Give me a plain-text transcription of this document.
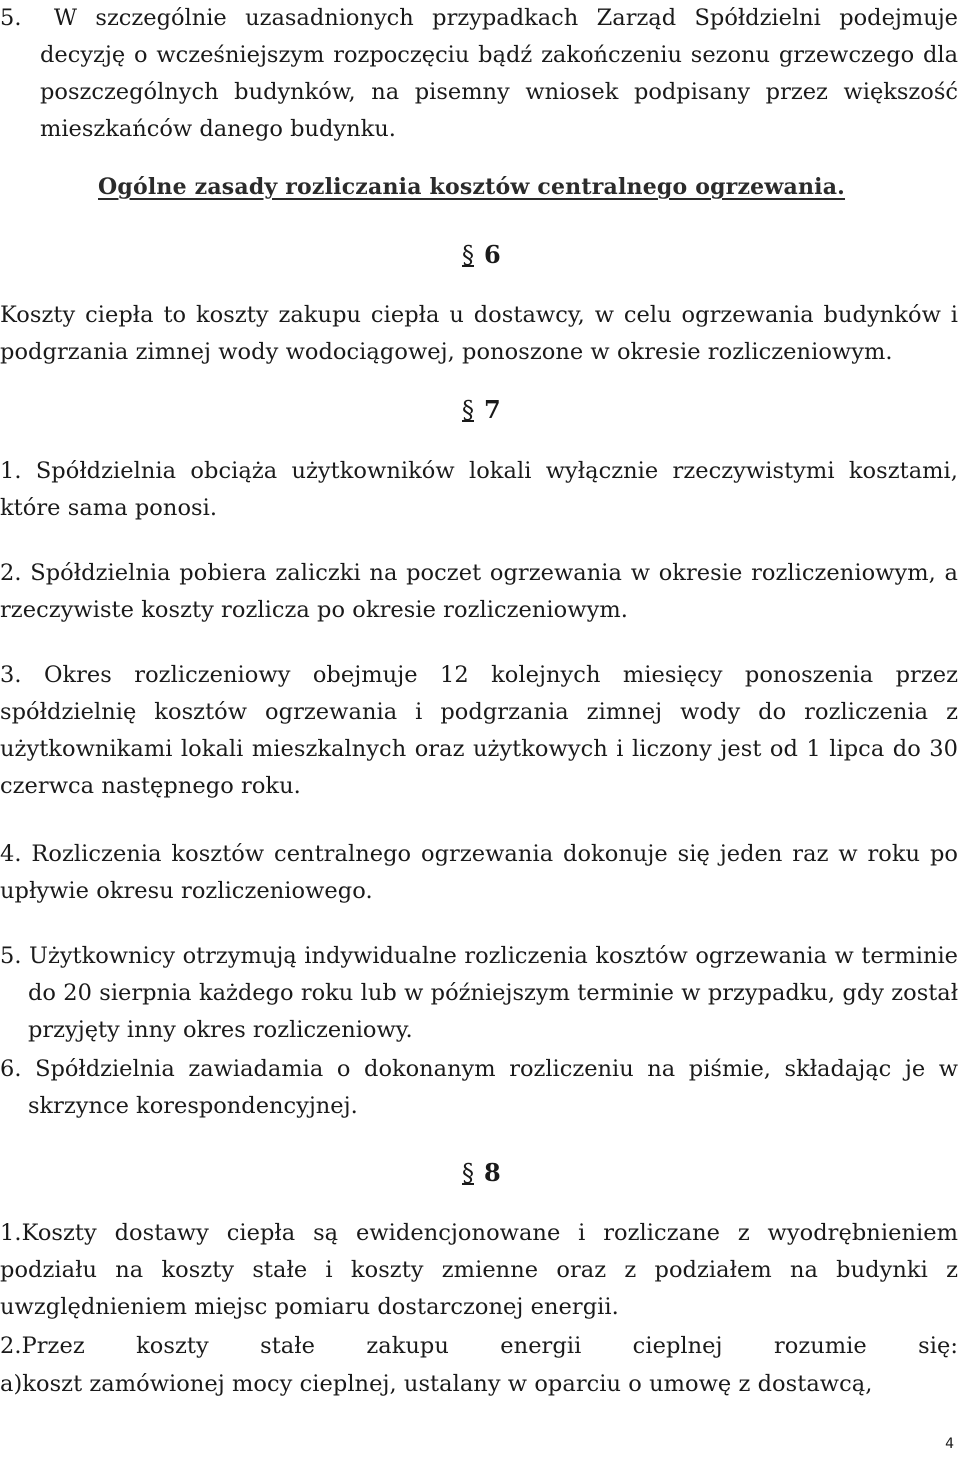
5. W szczególnie uzasadnionych przypadkach Zarząd Spółdzielni podejmuje decyzję o wcześniejszym rozpoczęciu bądź zakończeniu sezonu grzewczego dla poszczególnych budynków, na pisemny wniosek podpisany przez większość mieszkańców danego budynku.
Ogólne zasady rozliczania kosztów centralnego ogrzewania.
§ 6
Koszty ciepła to koszty zakupu ciepła u dostawcy, w celu ogrzewania budynków i podgrzania zimnej wody wodociągowej, ponoszone w okresie rozliczeniowym.
§ 7
1. Spółdzielnia obciąża użytkowników lokali wyłącznie rzeczywistymi kosztami, które sama ponosi.
2. Spółdzielnia pobiera zaliczki na poczet ogrzewania w okresie rozliczeniowym, a rzeczywiste koszty rozlicza po okresie rozliczeniowym.
3. Okres rozliczeniowy obejmuje 12 kolejnych miesięcy ponoszenia przez spółdzielnię kosztów ogrzewania i podgrzania zimnej wody do rozliczenia z użytkownikami lokali mieszkalnych oraz użytkowych i liczony jest od 1 lipca do 30 czerwca następnego roku.
4. Rozliczenia kosztów centralnego ogrzewania dokonuje się jeden raz w roku po upływie okresu rozliczeniowego.
5. Użytkownicy otrzymują indywidualne rozliczenia kosztów ogrzewania w terminie do 20 sierpnia każdego roku lub w późniejszym terminie w przypadku, gdy został przyjęty inny okres rozliczeniowy.
6. Spółdzielnia zawiadamia o dokonanym rozliczeniu na piśmie, składając je w skrzynce korespondencyjnej.
§ 8
1.Koszty dostawy ciepła są ewidencjonowane i rozliczane z wyodrębnieniem podziału na koszty stałe i koszty zmienne oraz z podziałem na budynki z uwzględnieniem miejsc pomiaru dostarczonej energii.
2.Przez koszty stałe zakupu energii cieplnej rozumie się:
a)koszt zamówionej mocy cieplnej, ustalany w oparciu o umowę z dostawcą,
4
